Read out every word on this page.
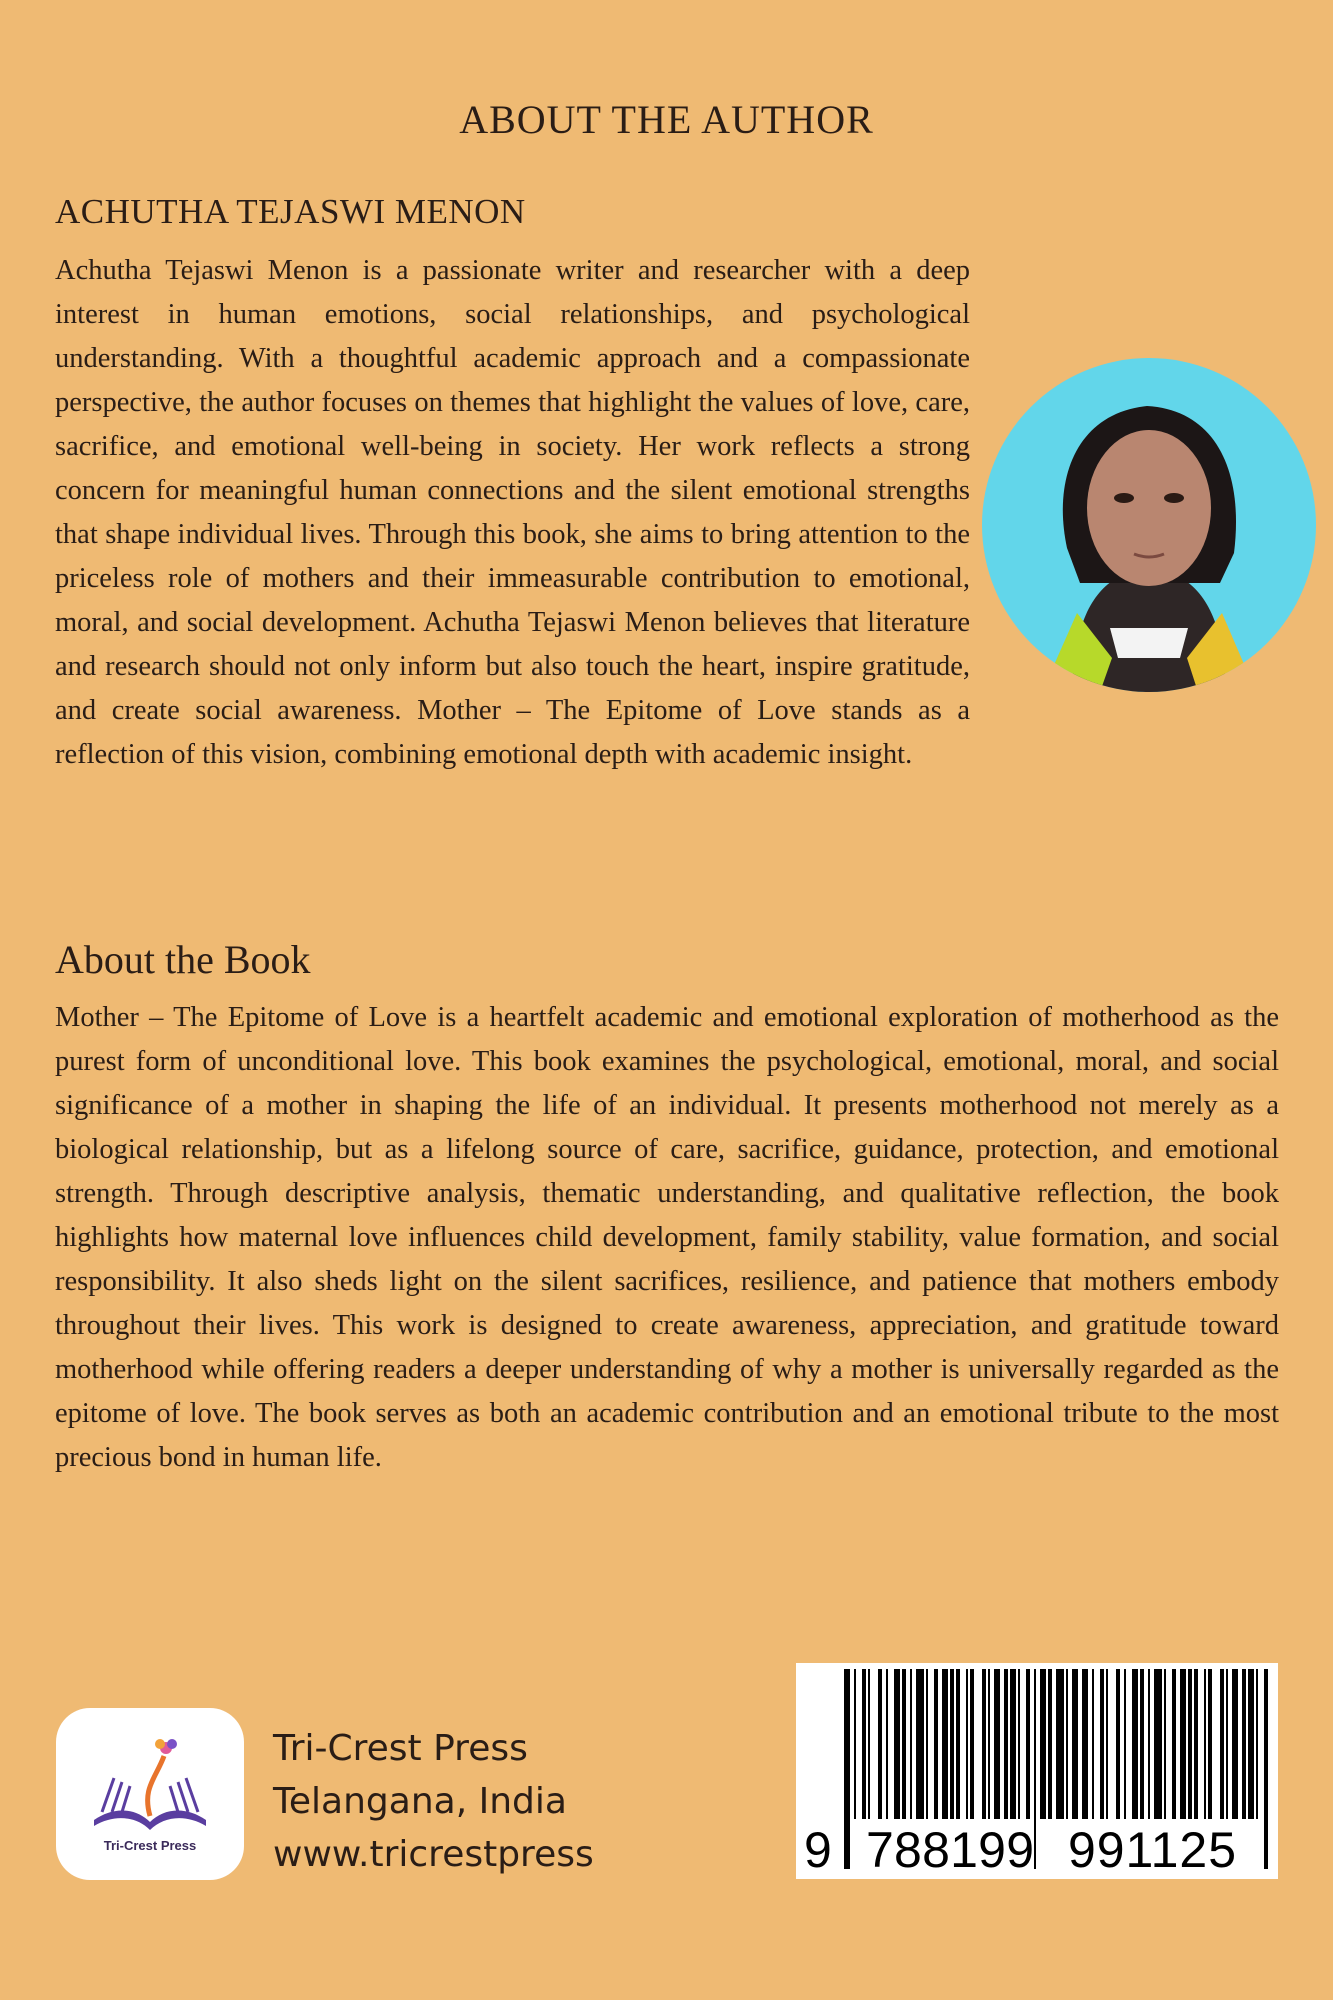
ABOUT THE AUTHOR
ACHUTHA TEJASWI MENON

Achutha Tejaswi Menon is a passionate writer and researcher with a deep interest in human emotions, social relationships, and psychological understanding. With a thoughtful academic approach and a compassionate perspective, the author focuses on themes that highlight the values of love, care, sacrifice, and emotional well-being in society. Her work reflects a strong concern for meaningful human connections and the silent emotional strengths that shape individual lives. Through this book, she aims to bring attention to the priceless role of mothers and their immeasurable contribution to emotional, moral, and social development. Achutha Tejaswi Menon believes that literature and research should not only inform but also touch the heart, inspire gratitude, and create social awareness. Mother – The Epitome of Love stands as a reflection of this vision, combining emotional depth with academic insight.

About the Book

Mother – The Epitome of Love is a heartfelt academic and emotional exploration of motherhood as the purest form of unconditional love. This book examines the psychological, emotional, moral, and social significance of a mother in shaping the life of an individual. It presents motherhood not merely as a biological relationship, but as a lifelong source of care, sacrifice, guidance, protection, and emotional strength. Through descriptive analysis, thematic understanding, and qualitative reflection, the book highlights how maternal love influences child development, family stability, value formation, and social responsibility. It also sheds light on the silent sacrifices, resilience, and patience that mothers embody throughout their lives. This work is designed to create awareness, appreciation, and gratitude toward motherhood while offering readers a deeper understanding of why a mother is universally regarded as the epitome of love. The book serves as both an academic contribution and an emotional tribute to the most precious bond in human life.

Tri-Crest Press
Tri-Crest Press
Telangana, India
www.tricrestpress	9 788199 991125
